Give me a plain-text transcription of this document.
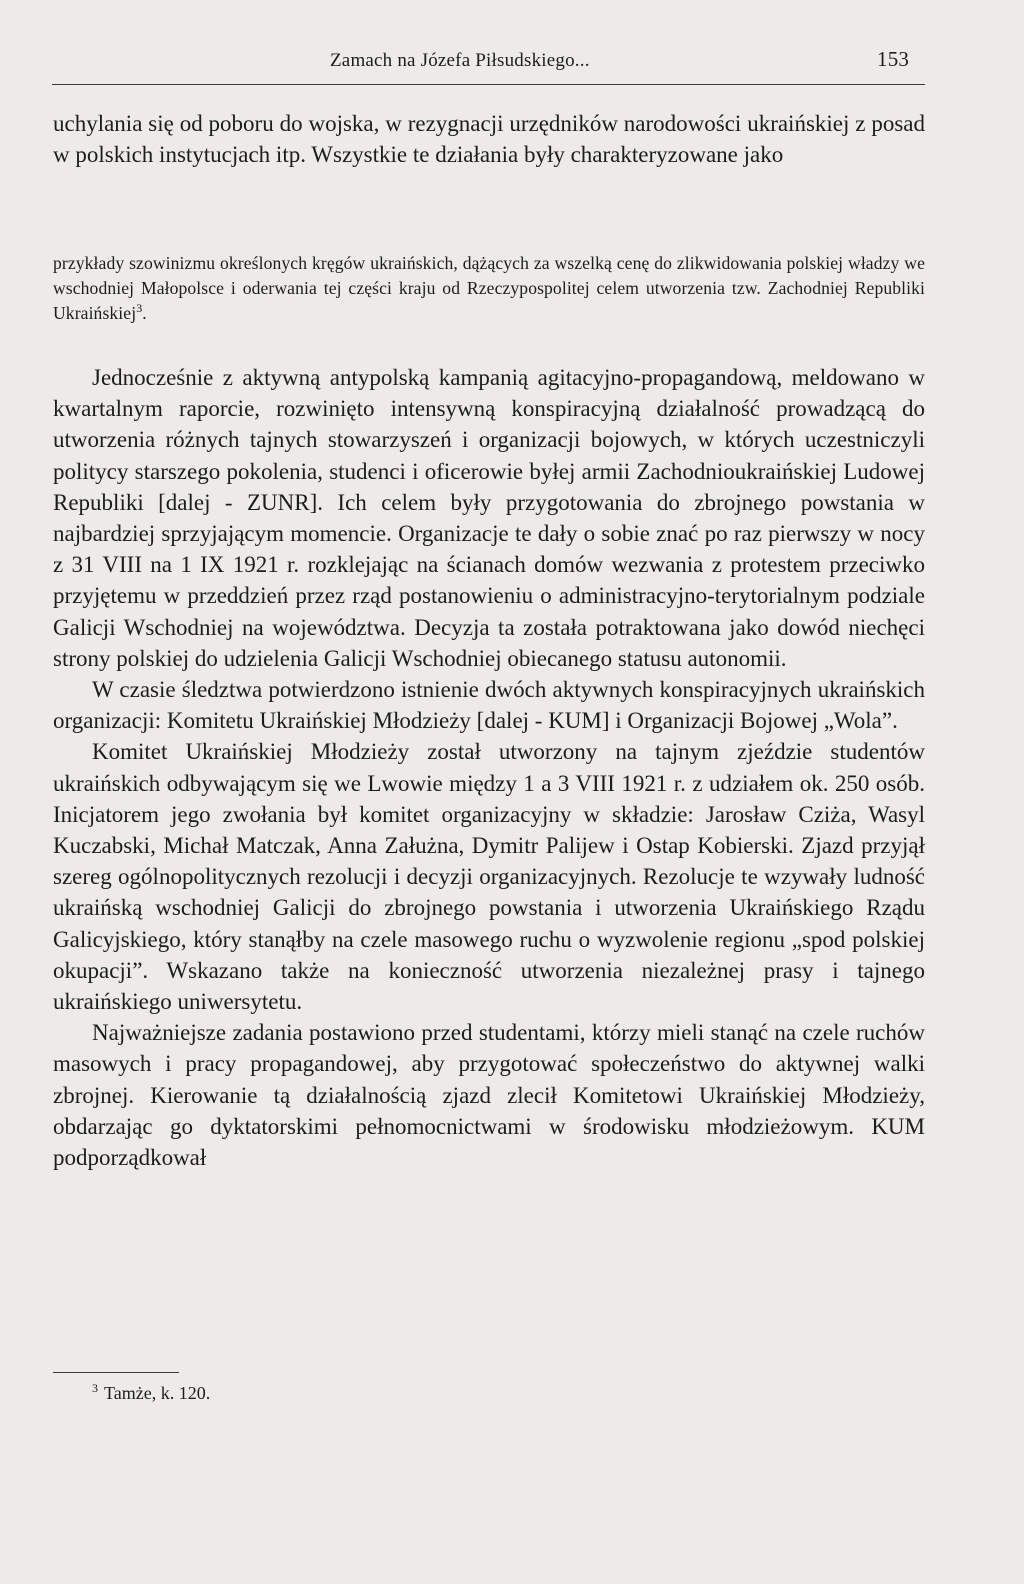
Zamach na Józefa Piłsudskiego...	153

uchylania się od poboru do wojska, w rezygnacji urzędników narodowości ukraińskiej z posad w polskich instytucjach itp. Wszystkie te działania były charakteryzowane jako

przykłady szowinizmu określonych kręgów ukraińskich, dążących za wszelką cenę do zlikwidowania polskiej władzy we wschodniej Małopolsce i oderwania tej części kraju od Rzeczypospolitej celem utworzenia tzw. Zachodniej Republiki Ukraińskiej$^3$.

Jednocześnie z aktywną antypolską kampanią agitacyjno-propagandową, meldowano w kwartalnym raporcie, rozwinięto intensywną konspiracyjną działalność prowadzącą do utworzenia różnych tajnych stowarzyszeń i organizacji bojowych, w których uczestniczyli politycy starszego pokolenia, studenci i oficerowie byłej armii Zachodnioukraińskiej Ludowej Republiki [dalej - ZUNR]. Ich celem były przygotowania do zbrojnego powstania w najbardziej sprzyjającym momencie. Organizacje te dały o sobie znać po raz pierwszy w nocy z 31 VIII na 1 IX 1921 r. rozklejając na ścianach domów wezwania z protestem przeciwko przyjętemu w przeddzień przez rząd postanowieniu o administracyjno-terytorialnym podziale Galicji Wschodniej na województwa. Decyzja ta została potraktowana jako dowód niechęci strony polskiej do udzielenia Galicji Wschodniej obiecanego statusu autonomii.

W czasie śledztwa potwierdzono istnienie dwóch aktywnych konspiracyjnych ukraińskich organizacji: Komitetu Ukraińskiej Młodzieży [dalej - KUM] i Organizacji Bojowej „Wola”.

Komitet Ukraińskiej Młodzieży został utworzony na tajnym zjeździe studentów ukraińskich odbywającym się we Lwowie między 1 a 3 VIII 1921 r. z udziałem ok. 250 osób. Inicjatorem jego zwołania był komitet organizacyjny w składzie: Jarosław Cziża, Wasyl Kuczabski, Michał Matczak, Anna Załużna, Dymitr Palijew i Ostap Kobierski. Zjazd przyjął szereg ogólnopolitycznych rezolucji i decyzji organizacyjnych. Rezolucje te wzywały ludność ukraińską wschodniej Galicji do zbrojnego powstania i utworzenia Ukraińskiego Rządu Galicyjskiego, który stanąłby na czele masowego ruchu o wyzwolenie regionu „spod polskiej okupacji”. Wskazano także na konieczność utworzenia niezależnej prasy i tajnego ukraińskiego uniwersytetu.

Najważniejsze zadania postawiono przed studentami, którzy mieli stanąć na czele ruchów masowych i pracy propagandowej, aby przygotować społeczeństwo do aktywnej walki zbrojnej. Kierowanie tą działalnością zjazd zlecił Komitetowi Ukraińskiej Młodzieży, obdarzając go dyktatorskimi pełnomocnictwami w środowisku młodzieżowym. KUM podporządkował

$^3$ Tamże, k. 120.
